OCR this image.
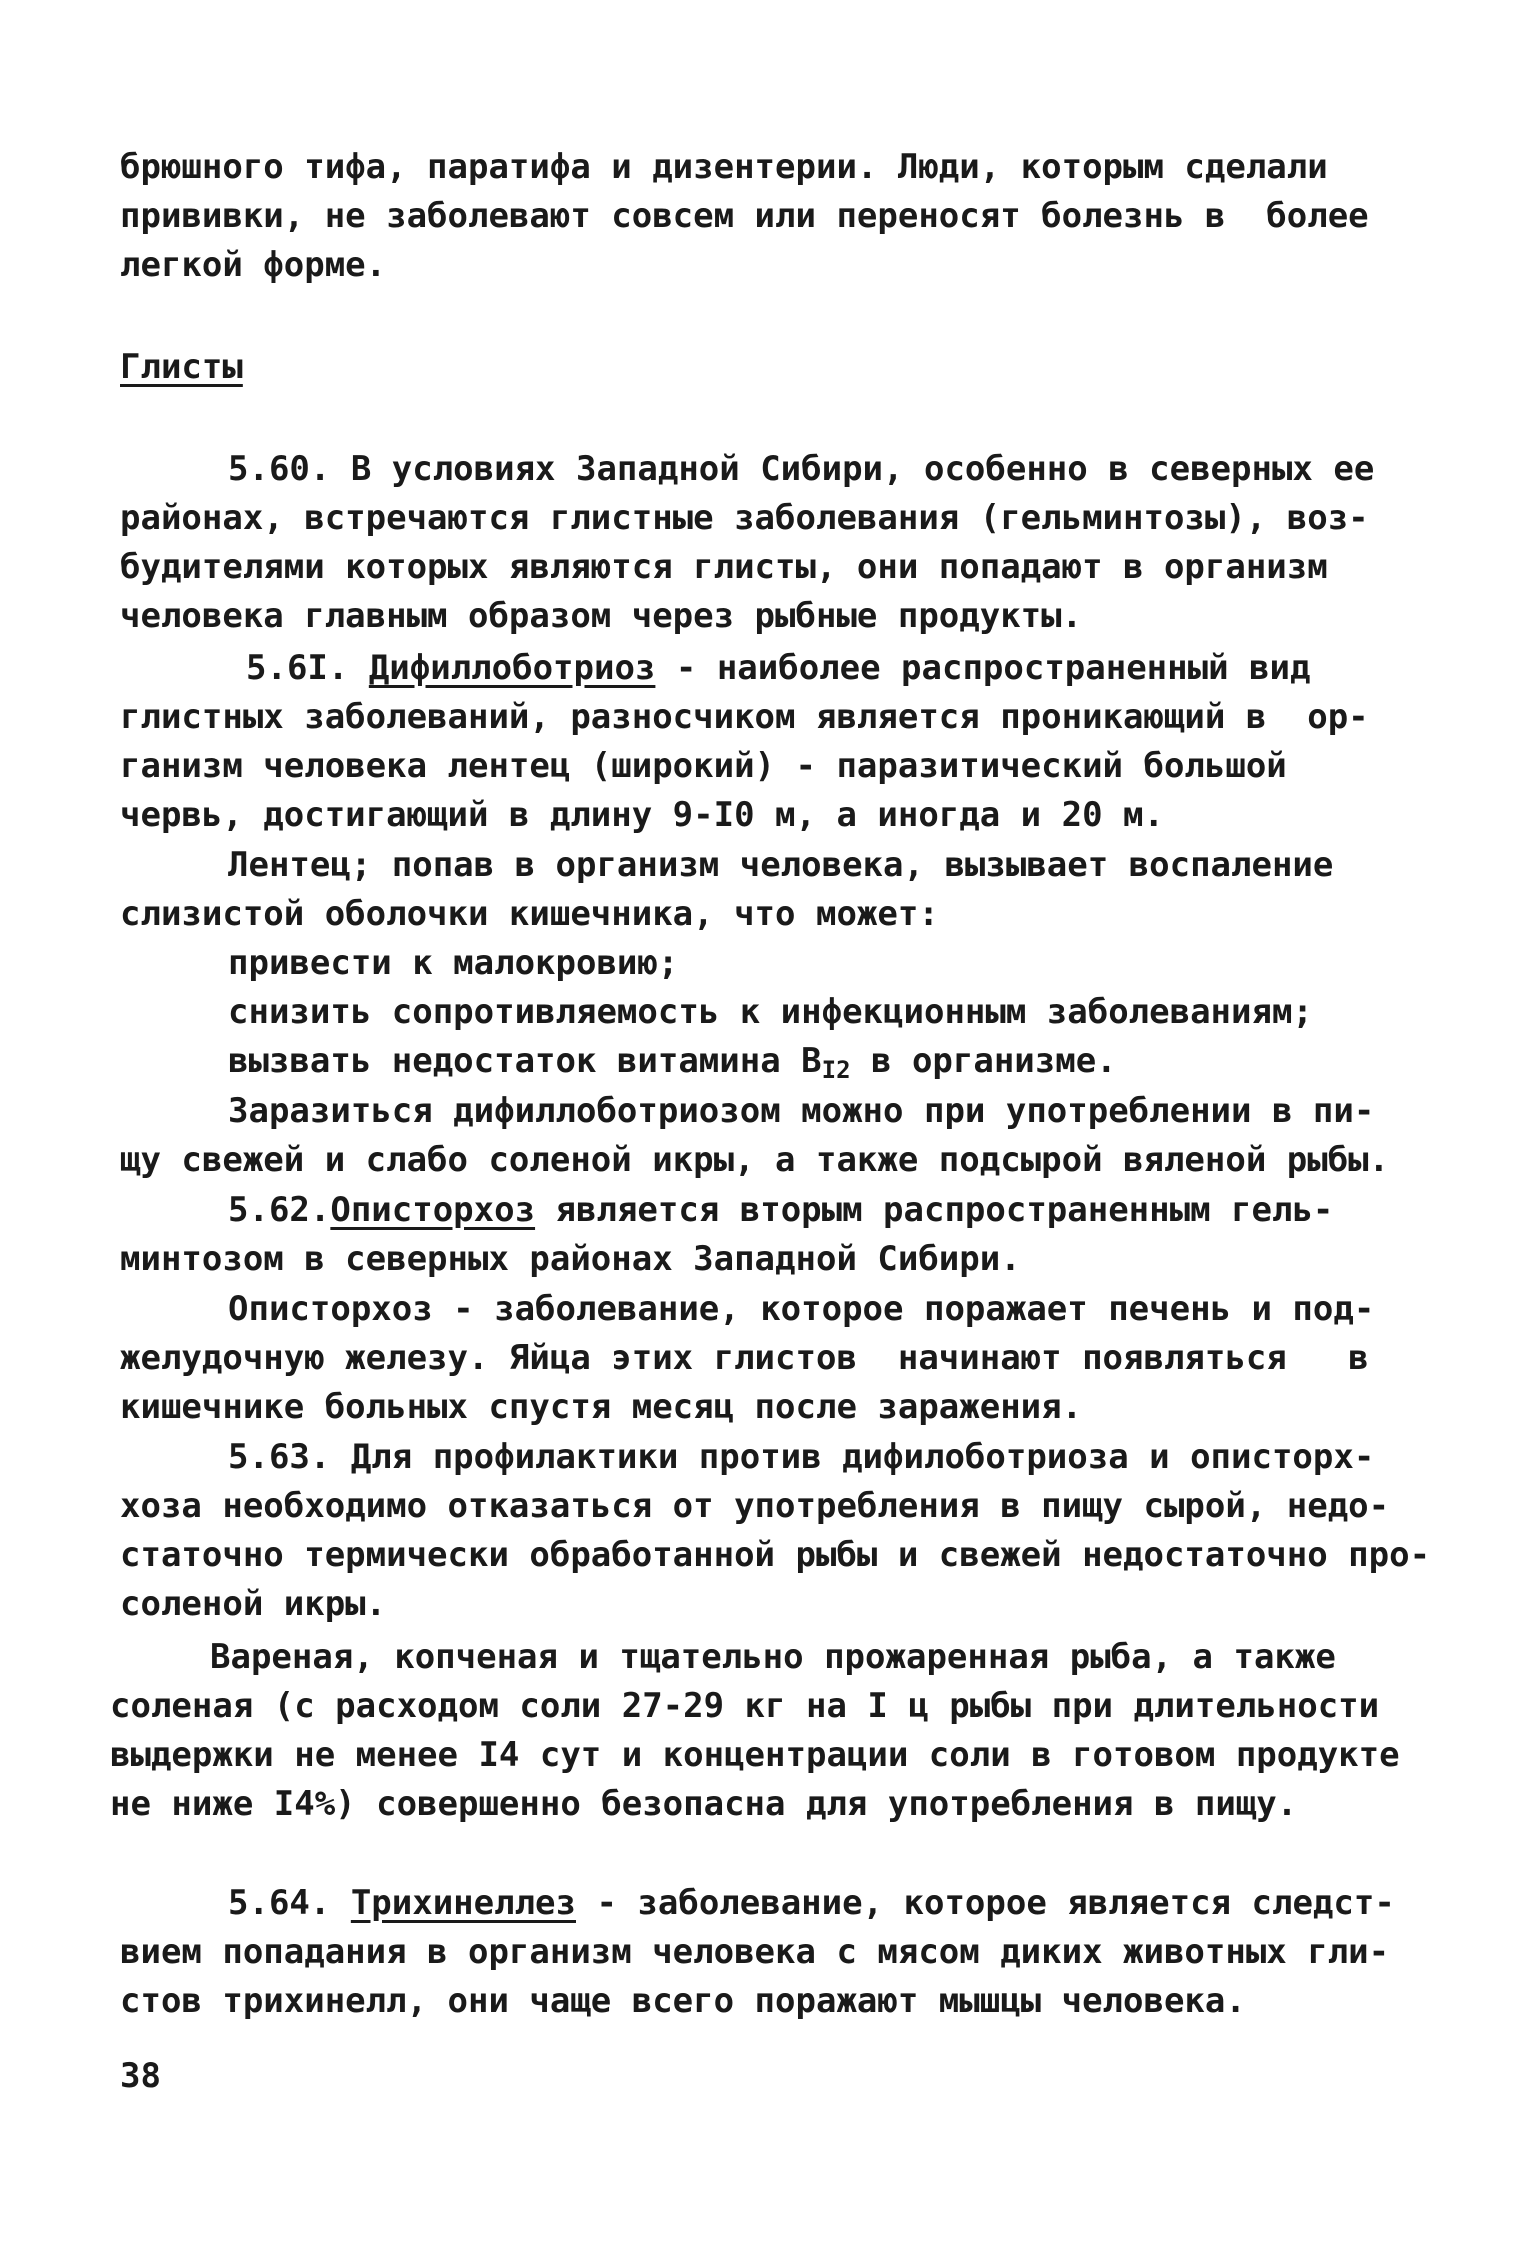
брюшного тифа, паратифа и дизентерии. Люди, которым сделали
прививки, не заболевают совсем или переносят болезнь в  более
легкой форме.
Глисты
5.60. В условиях Западной Сибири, особенно в северных ее
районах, встречаются глистные заболевания (гельминтозы), воз-
будителями которых являются глисты, они попадают в организм
человека главным образом через рыбные продукты.
5.6I. Дифиллоботриоз - наиболее распространенный вид
глистных заболеваний, разносчиком является проникающий в  ор-
ганизм человека лентец (широкий) - паразитический большой
червь, достигающий в длину 9-I0 м, а иногда и 20 м.
Лентец; попав в организм человека, вызывает воспаление
слизистой оболочки кишечника, что может:
привести к малокровию;
снизить сопротивляемость к инфекционным заболеваниям;
вызвать недостаток витамина $B_{I2}$ в организме.
Заразиться дифиллоботриозом можно при употреблении в пи-
щу свежей и слабо соленой икры, а также подсырой вяленой рыбы.
5.62.Описторхоз является вторым распространенным гель-
минтозом в северных районах Западной Сибири.
Описторхоз - заболевание, которое поражает печень и под-
желудочную железу. Яйца этих глистов  начинают появляться   в
кишечнике больных спустя месяц после заражения.
5.63. Для профилактики против дифилоботриоза и описторх-
хоза необходимо отказаться от употребления в пищу сырой, недо-
статочно термически обработанной рыбы и свежей недостаточно про-
соленой икры.
Вареная, копченая и тщательно прожаренная рыба, а также
соленая (с расходом соли 27-29 кг на I ц рыбы при длительности
выдержки не менее I4 сут и концентрации соли в готовом продукте
не ниже I4%) совершенно безопасна для употребления в пищу.
5.64. Трихинеллез - заболевание, которое является следст-
вием попадания в организм человека с мясом диких животных гли-
стов трихинелл, они чаще всего поражают мышцы человека.
38
